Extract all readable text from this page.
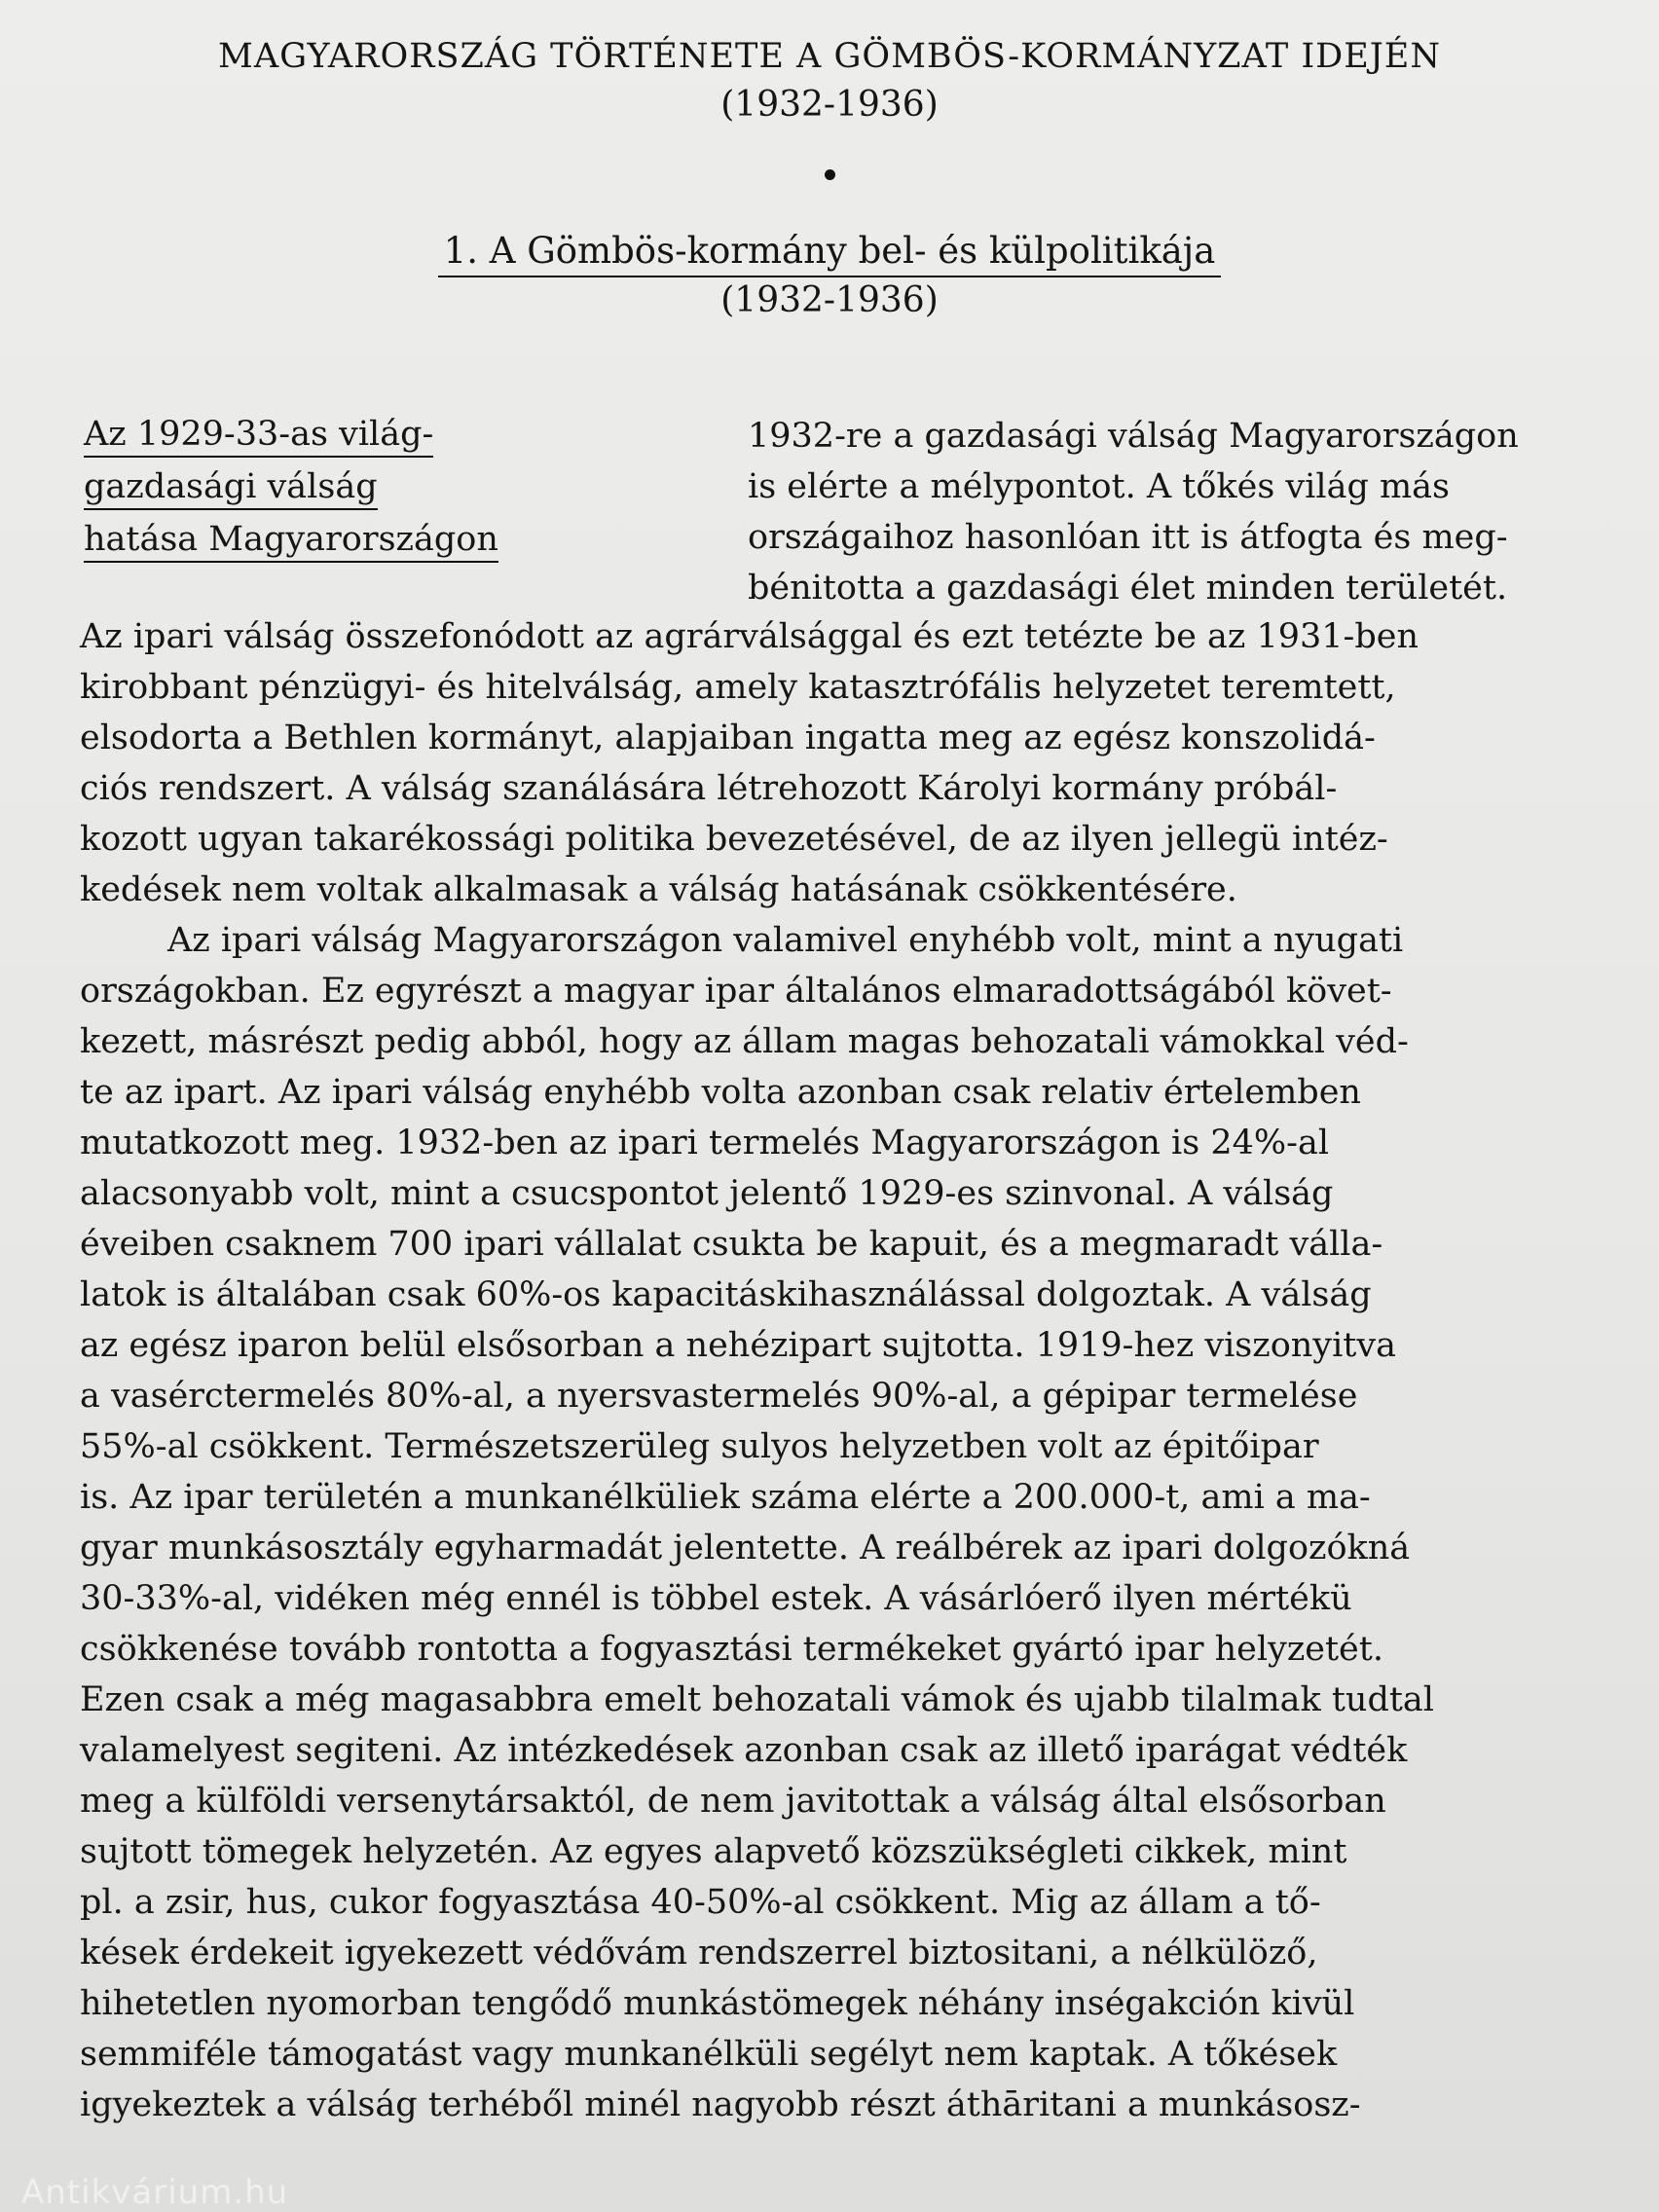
MAGYARORSZÁG TÖRTÉNETE A GÖMBÖS-KORMÁNYZAT IDEJÉN
(1932-1936)
1. A Gömbös-kormány bel- és külpolitikája
(1932-1936)
Az 1929-33-as világ-
gazdasági válság
hatása Magyarországon
1932-re a gazdasági válság Magyarországon
is elérte a mélypontot. A tőkés világ más
országaihoz hasonlóan itt is átfogta és meg-
bénitotta a gazdasági élet minden területét.

Az ipari válság összefonódott az agrárválsággal és ezt tetézte be az 1931-ben
kirobbant pénzügyi- és hitelválság, amely katasztrófális helyzetet teremtett,
elsodorta a Bethlen kormányt, alapjaiban ingatta meg az egész konszolidá-
ciós rendszert. A válság szanálására létrehozott Károlyi kormány próbál-
kozott ugyan takarékossági politika bevezetésével, de az ilyen jellegü intéz-
kedések nem voltak alkalmasak a válság hatásának csökkentésére.

Az ipari válság Magyarországon valamivel enyhébb volt, mint a nyugati
országokban. Ez egyrészt a magyar ipar általános elmaradottságából követ-
kezett, másrészt pedig abból, hogy az állam magas behozatali vámokkal véd-
te az ipart. Az ipari válság enyhébb volta azonban csak relativ értelemben
mutatkozott meg. 1932-ben az ipari termelés Magyarországon is 24%-al
alacsonyabb volt, mint a csucspontot jelentő 1929-es szinvonal. A válság
éveiben csaknem 700 ipari vállalat csukta be kapuit, és a megmaradt válla-
latok is általában csak 60%-os kapacitáskihasználással dolgoztak. A válság
az egész iparon belül elsősorban a nehézipart sujtotta. 1919-hez viszonyitva
a vasérctermelés 80%-al, a nyersvastermelés 90%-al, a gépipar termelése
55%-al csökkent. Természetszerüleg sulyos helyzetben volt az épitőipar
is. Az ipar területén a munkanélküliek száma elérte a 200.000-t, ami a ma-
gyar munkásosztály egyharmadát jelentette. A reálbérek az ipari dolgozókná
30-33%-al, vidéken még ennél is többel estek. A vásárlóerő ilyen mértékü
csökkenése tovább rontotta a fogyasztási termékeket gyártó ipar helyzetét.
Ezen csak a még magasabbra emelt behozatali vámok és ujabb tilalmak tudtal
valamelyest segiteni. Az intézkedések azonban csak az illető iparágat védték
meg a külföldi versenytársaktól, de nem javitottak a válság által elsősorban
sujtott tömegek helyzetén. Az egyes alapvető közszükségleti cikkek, mint
pl. a zsir, hus, cukor fogyasztása 40-50%-al csökkent. Mig az állam a tő-
kések érdekeit igyekezett védővám rendszerrel biztositani, a nélkülöző,
hihetetlen nyomorban tengődő munkástömegek néhány inségakción kivül
semmiféle támogatást vagy munkanélküli segélyt nem kaptak. A tőkések
igyekeztek a válság terhéből minél nagyobb részt áthāritani a munkásosz-

Antikvárium.hu
